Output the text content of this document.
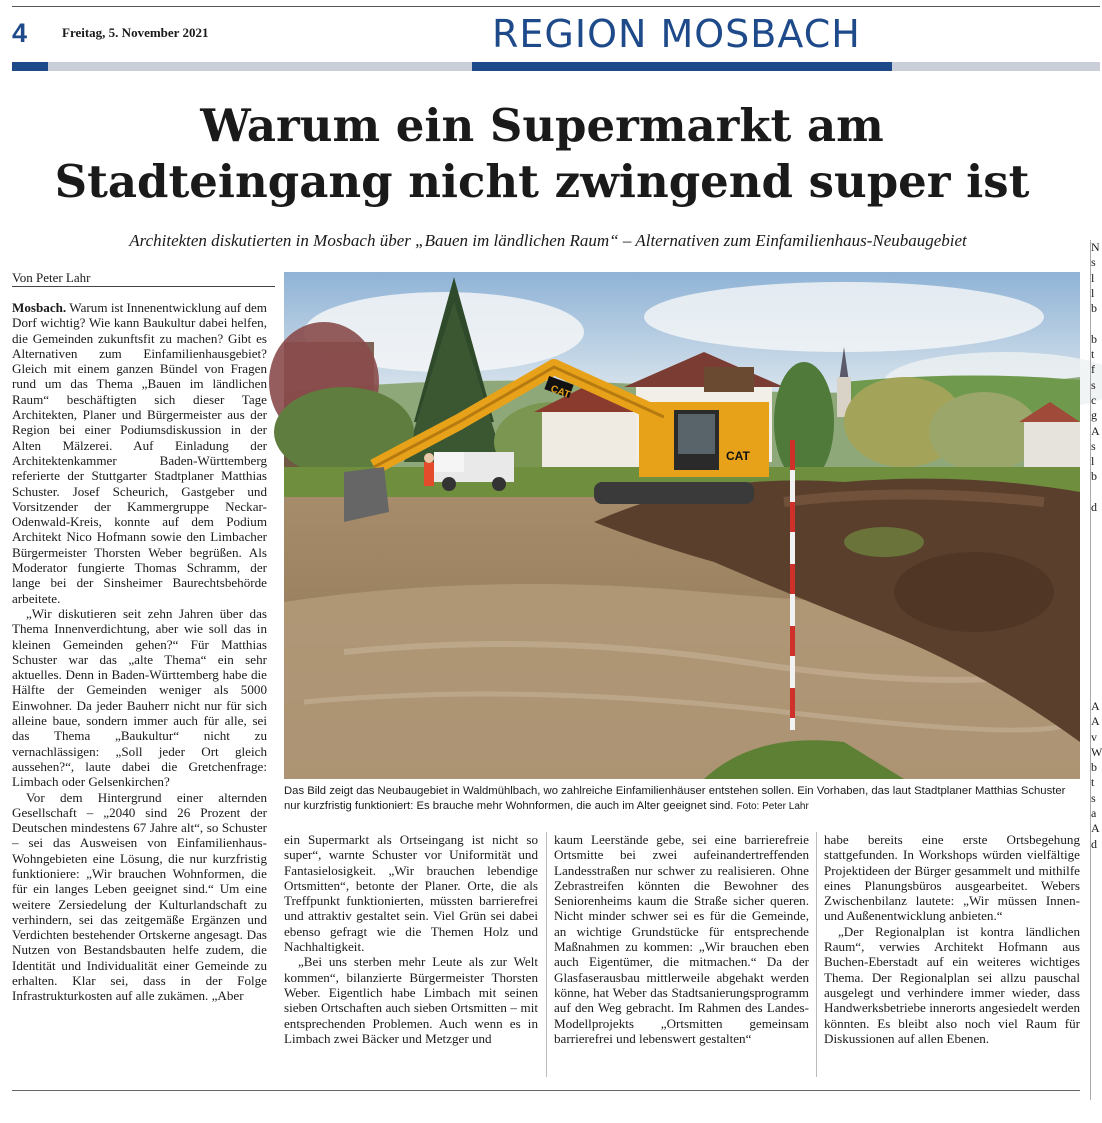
4	Freitag, 5. November 2021	REGION MOSBACH
Warum ein Supermarkt am
Stadteingang nicht zwingend super ist
Architekten diskutierten in Mosbach über „Bauen im ländlichen Raum“ – Alternativen zum Einfamilienhaus-Neubaugebiet
Von Peter Lahr

Mosbach. Warum ist Innenentwicklung auf dem Dorf wichtig? Wie kann Baukultur dabei helfen, die Gemeinden zukunftsfit zu machen? Gibt es Alternativen zum Einfamilienhausgebiet? Gleich mit einem ganzen Bündel von Fragen rund um das Thema „Bauen im ländlichen Raum“ beschäftigten sich dieser Tage Architekten, Planer und Bürgermeister aus der Region bei einer Podiumsdiskussion in der Alten Mälzerei. Auf Einladung der Architektenkammer Baden-Württemberg referierte der Stuttgarter Stadtplaner Matthias Schuster. Josef Scheurich, Gastgeber und Vorsitzender der Kammergruppe Neckar-Odenwald-Kreis, konnte auf dem Podium Architekt Nico Hofmann sowie den Limbacher Bürgermeister Thorsten Weber begrüßen. Als Moderator fungierte Thomas Schramm, der lange bei der Sinsheimer Baurechtsbehörde arbeitete.

„Wir diskutieren seit zehn Jahren über das Thema Innenverdichtung, aber wie soll das in kleinen Gemeinden gehen?“ Für Matthias Schuster war das „alte Thema“ ein sehr aktuelles. Denn in Baden-Württemberg habe die Hälfte der Gemeinden weniger als 5000 Einwohner. Da jeder Bauherr nicht nur für sich alleine baue, sondern immer auch für alle, sei das Thema „Baukultur“ nicht zu vernachlässigen: „Soll jeder Ort gleich aussehen?“, laute dabei die Gretchenfrage: Limbach oder Gelsenkirchen?

Vor dem Hintergrund einer alternden Gesellschaft – „2040 sind 26 Prozent der Deutschen mindestens 67 Jahre alt“, so Schuster – sei das Ausweisen von Einfamilienhaus-Wohngebieten eine Lösung, die nur kurzfristig funktioniere: „Wir brauchen Wohnformen, die für ein langes Leben geeignet sind.“ Um eine weitere Zersiedelung der Kulturlandschaft zu verhindern, sei das zeitgemäße Ergänzen und Verdichten bestehender Ortskerne angesagt. Das Nutzen von Bestandsbauten helfe zudem, die Identität und Individualität einer Gemeinde zu erhalten. Klar sei, dass in der Folge Infrastrukturkosten auf alle zukämen. „Aber

CAT
CAT
Das Bild zeigt das Neubaugebiet in Waldmühlbach, wo zahlreiche Einfamilienhäuser entstehen sollen. Ein Vorhaben, das laut Stadtplaner Matthias Schuster nur kurzfristig funktioniert: Es brauche mehr Wohnformen, die auch im Alter geeignet sind. Foto: Peter Lahr

ein Supermarkt als Ortseingang ist nicht so super“, warnte Schuster vor Uniformität und Fantasielosigkeit. „Wir brauchen lebendige Ortsmitten“, betonte der Planer. Orte, die als Treffpunkt funktionierten, müssten barrierefrei und attraktiv gestaltet sein. Viel Grün sei dabei ebenso gefragt wie die Themen Holz und Nachhaltigkeit.

„Bei uns sterben mehr Leute als zur Welt kommen“, bilanzierte Bürgermeister Thorsten Weber. Eigentlich habe Limbach mit seinen sieben Ortschaften auch sieben Ortsmitten – mit entsprechenden Problemen. Auch wenn es in Limbach zwei Bäcker und Metzger und

kaum Leerstände gebe, sei eine barrierefreie Ortsmitte bei zwei aufeinandertreffenden Landesstraßen nur schwer zu realisieren. Ohne Zebrastreifen könnten die Bewohner des Seniorenheims kaum die Straße sicher queren. Nicht minder schwer sei es für die Gemeinde, an wichtige Grundstücke für entsprechende Maßnahmen zu kommen: „Wir brauchen eben auch Eigentümer, die mitmachen.“ Da der Glasfaserausbau mittlerweile abgehakt werden könne, hat Weber das Stadtsanierungsprogramm auf den Weg gebracht. Im Rahmen des Landes-Modellprojekts „Ortsmitten gemeinsam barrierefrei und lebenswert gestalten“

habe bereits eine erste Ortsbegehung stattgefunden. In Workshops würden vielfältige Projektideen der Bürger gesammelt und mithilfe eines Planungsbüros ausgearbeitet. Webers Zwischenbilanz lautete: „Wir müssen Innen- und Außenentwicklung anbieten.“

„Der Regionalplan ist kontra ländlichen Raum“, verwies Architekt Hofmann aus Buchen-Eberstadt auf ein weiteres wichtiges Thema. Der Regionalplan sei allzu pauschal ausgelegt und verhindere immer wieder, dass Handwerksbetriebe innerorts angesiedelt werden könnten. Es bleibt also noch viel Raum für Diskussionen auf allen Ebenen.

N
s
l
l
b

b
t
f
s
c
g
A
s
l
b

d

A
A
v
W
b
t
s
a
A
d
